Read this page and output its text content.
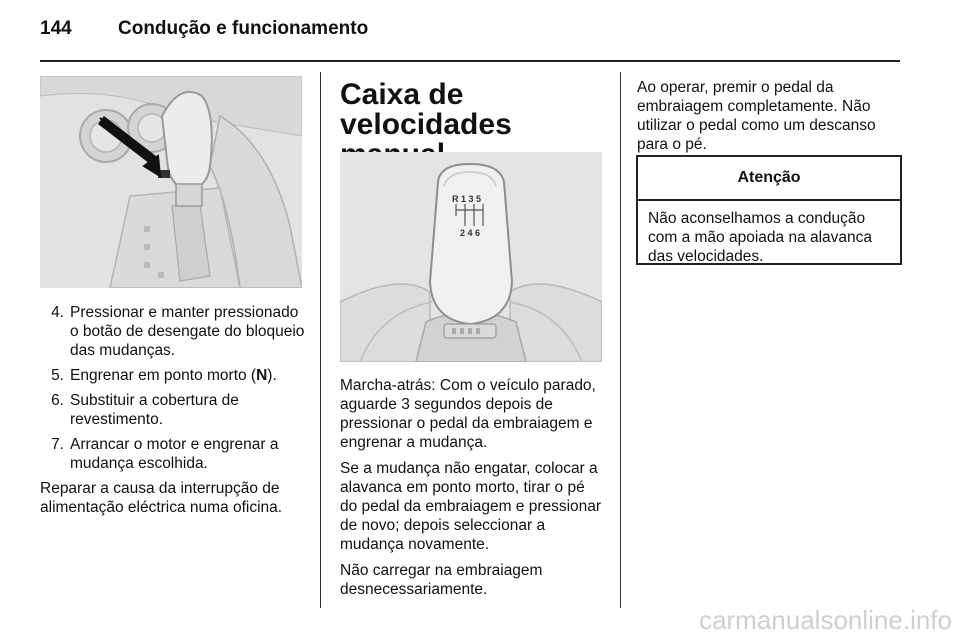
144 Condução e funcionamento
4. Pressionar e manter pressionado o botão de desengate do bloqueio das mudanças.
5. Engrenar em ponto morto (N).
6. Substituir a cobertura de revestimento.
7. Arrancar o motor e engrenar a mudança escolhida.

Reparar a causa da interrupção de alimentação eléctrica numa oficina.

Caixa de velocidades
R 1 3 5
2 4 6

Marcha-atrás: Com o veículo parado, aguarde 3 segundos depois de pressionar o pedal da embraiagem e engrenar a mudança.

Se a mudança não engatar, colocar a alavanca em ponto morto, tirar o pé do pedal da embraiagem e pressionar de novo; depois seleccionar a mudança novamente.

Não carregar na embraiagem desnecessariamente.

Ao operar, premir o pedal da embraiagem completamente. Não utilizar o pedal como um descanso para o pé.

Atenção
Não aconselhamos a condução com a mão apoiada na alavanca das velocidades.
carmanualsonline.info
